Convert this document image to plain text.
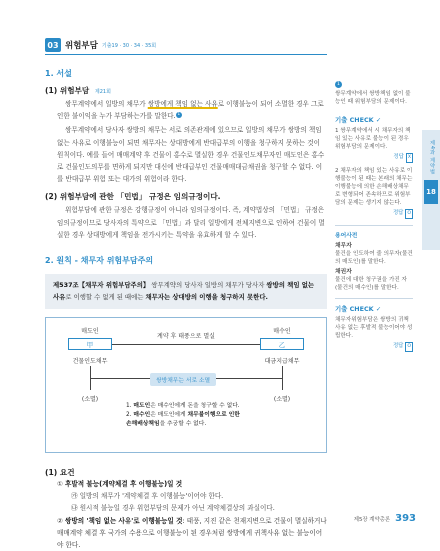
03 위험부담 기출19 · 30 · 34 · 35회
1. 서설
(1) 위험부담 제21회
쌍무계약에서 일방의 채무가 쌍방에게 책임 없는 사유로 이행불능이 되어 소멸한 경우 그로 인한 불이익을 누가 부담하는가를 말한다. 1
쌍무계약에서 당사자 쌍방의 채무는 서로 의존관계에 있으므로 일방의 채무가 쌍방의 책임 없는 사유로 이행불능이 되면 채무자는 상대방에게 반대급부의 이행을 청구하지 못하는 것이 원칙이다. 예를 들어 매매계약 후 건물이 홍수로 멸실한 경우 건물인도채무자인 매도인은 홍수로 건물인도의무를 면하게 되지만 대신에 반대급부인 건물매매대금채권을 청구할 수 없다. 이를 반대급부 위험 또는 대가의 위험이라 한다.
(2) 위험부담에 관한 「민법」 규정은 임의규정이다.
위험부담에 관한 규정은 강행규정이 아니라 임의규정이다. 즉, 계약법상의 「민법」 규정은 임의규정이므로 당사자의 특약으로 「민법」과 달리 일방에게 전체지변으로 인하여 건물이 멸실한 경우 상대방에게 책임을 전가시키는 특약을 유효하게 할 수 있다.
2. 원칙 - 채무자 위험부담주의
제537조【채무자 위험부담주의】 쌍무계약의 당사자 일방의 채무가 당사자 쌍방의 책임 없는 사유로 이행할 수 없게 된 때에는 채무자는 상대방의 이행을 청구하지 못한다.
매도인
甲
건물인도채무
(소멸)
계약 후 태풍으로 멸실
매수인
乙
대금지급채무
(소멸)
쌍방채무는 서로 소멸
1. 매도인은 매수인에게 돈을 청구할 수 없다.
2. 매수인은 매도인에게 채무불이행으로 인한 손해배상책임을 추궁할 수 없다.
(1) 요건
① 후발적 불능(계약체결 후 이행불능)일 것
㉮ 일방의 채무가 '계약체결 후 이행불능'이어야 한다.
㉯ 원시적 불능일 경우 위험부담의 문제가 아닌 계약체결상의 과실이다.
② 쌍방의 '책임 없는 사유'로 이행불능일 것: 태풍, 지진 같은 천재지변으로 건물이 멸실하거나 매매계약 체결 후 국가의 수용으로 이행불능이 된 경우처럼 쌍방에게 귀책사유 없는 불능이어야 한다.
1
쌍무계약에서 쌍방책임 없이 불능인 때 위험부담의 문제이다.
기출 CHECK ✓
1 쌍무계약에서 시 채무자의 책임 있는 사유로 불능이 된 경우 위험부담의 문제이다.
정답 X
2 채무자의 책임 있는 사유로 이행불능이 된 때는 본래의 채무는 이행불능에 의한 손해배상채무로 변형되어 존속하므로 위험부담의 문제는 생기지 않는다.
정답 O
용어사전
채무자
물건을 인도하여 줄 의무자(물건의 매도인)를 말한다.
채권자
물건에 대한 청구권을 가진 자(물건의 매수인)를 말한다.
기출 CHECK ✓
채무자위험부담은 쌍방의 귀책사유 없는 후발적 불능이어야 성립한다.
정답 O
제4과 계약법
18
제5장 계약총론 393
